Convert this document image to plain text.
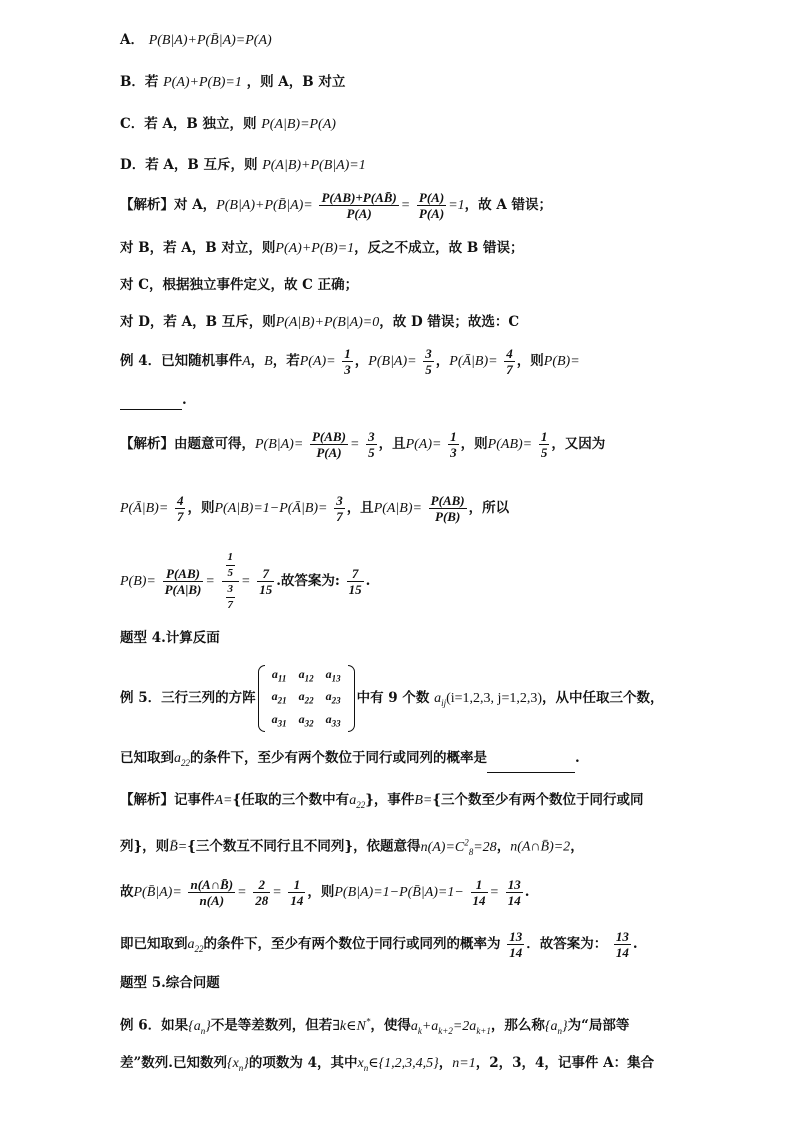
A． P(B|A)+P(B̄|A)=P(A)
B．若 P(A)+P(B)=1 ，则 A，B 对立
C．若 A，B 独立，则 P(A|B)=P(A)
D．若 A，B 互斥，则 P(A|B)+P(B|A)=1
【解析】对 A，P(B|A)+P(B̄|A)= $\frac{P(AB)+P(AB̄)}{P(A)} = \frac{P(A)}{P(A)} =1$，故 A 错误；
对 B，若 A，B 对立，则P(A)+P(B)=1，反之不成立，故 B 错误；
对 C，根据独立事件定义，故 C 正确；
对 D，若 A，B 互斥，则P(A|B)+P(B|A)=0，故 D 错误；故选：C
例 4．已知随机事件A，B，若$P(A)= \frac{1}{3}$ ，$P(B|A)= \frac{3}{5}$ ，P(Ā|B)= $\frac{4}{7}$ ，则P(B)=
.
【解析】由题意可得，$P(B|A)= \frac{P(AB)}{P(A)} = \frac{3}{5}$ ，且$P(A)= \frac{1}{3}$ ，则$P(AB)= \frac{1}{5}$ ，又因为
P(Ā|B)= $\frac{4}{7}$ ，则P(A|B)=1−P(Ā|B)= $\frac{3}{7}$ ，且$P(A|B)= \frac{P(AB)}{P(B)}$ ，所以
$P(B)= \frac{P(AB)}{P(A|B)} = \frac{\frac{1}{5}}{\frac{3}{7}} = \frac{7}{15}$ .故答案为: $\frac{7}{15}$ .
题型 4.计算反面
例 5．三行三列的方阵
$a_{11}$	$a_{12}$	$a_{13}$
$a_{21}$	$a_{22}$	$a_{23}$
$a_{31}$	$a_{32}$	$a_{33}$
中有 9 个数 $a_{ij}(i=1,2,3$, j=1,2,3)，从中任取三个数，
已知取到$a_{22}$的条件下，至少有两个数位于同行或同列的概率是	.
【解析】记事件A={任取的三个数中有$a_{22}$}，事件B={三个数至少有两个数位于同行或同
列}，则B̄={三个数互不同行且不同列}，依题意得$n(A)=C^2_8=28$，n(A∩B̄)=2，
故P(B̄|A)= $\frac{n(A\cap B̄)}{n(A)} = \frac{2}{28} = \frac{1}{14}$ ，则P(B|A)=1−P(B̄|A)=1− $\frac{1}{14} = \frac{13}{14}$ .
即已知取到$a_{22}$的条件下，至少有两个数位于同行或同列的概率为 $\frac{13}{14}$ ．故答案为： $\frac{13}{14}$ .
题型 5.综合问题
例 6．如果$\{a_n\}$不是等差数列，但若∃k∈N*，使得$a_k+a_{k+2}=2a_{k+1}$，那么称$\{a_n\}$为“局部等
差”数列.已知数列$\{x_n\}$的项数为 4，其中$x_n\in\{1,2,3,4,5\}$，n=1，2，3，4，记事件 A：集合
